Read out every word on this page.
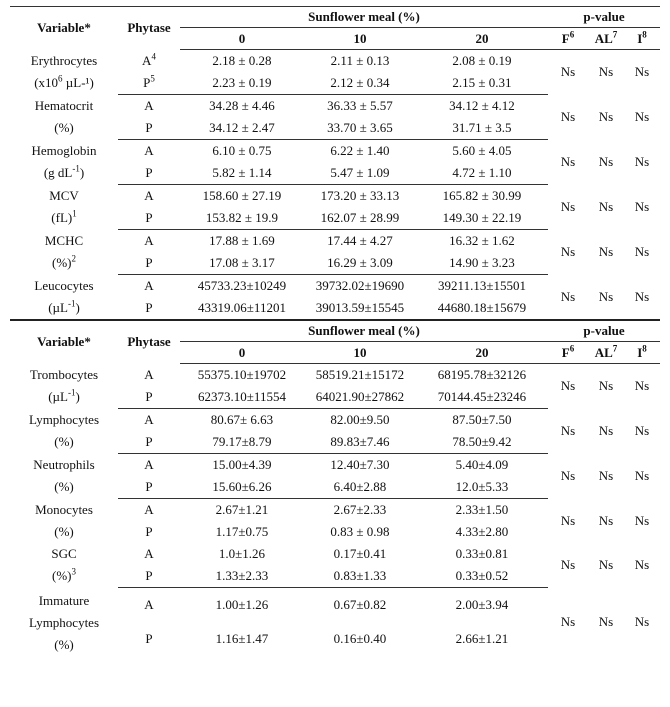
Variable*	Phytase	Sunflower meal (%)			p-value		
		0	10	20	$F^6$	$AL^7$	$I^8$
Erythrocytes
($x10^6$ µL-¹)	$A^4$	2.18 ± 0.28	2.11 ± 0.13	2.08 ± 0.19	Ns	Ns	Ns
	$P^5$	2.23 ± 0.19	2.12 ± 0.34	2.15 ± 0.31			
Hematocrit
(%)	A	34.28 ± 4.46	36.33 ± 5.57	34.12 ± 4.12	Ns	Ns	Ns
	P	34.12 ± 2.47	33.70 ± 3.65	31.71 ± 3.5			
Hemoglobin
(g $dL^{-1}$)	A	6.10 ± 0.75	6.22 ± 1.40	5.60 ± 4.05	Ns	Ns	Ns
	P	5.82 ± 1.14	5.47 ± 1.09	4.72 ± 1.10			
MCV
(fL)$^1$	A	158.60 ± 27.19	173.20 ± 33.13	165.82 ± 30.99	Ns	Ns	Ns
	P	153.82 ± 19.9	162.07 ± 28.99	149.30 ± 22.19			
MCHC
(%)$^2$	A	17.88 ± 1.69	17.44 ± 4.27	16.32 ± 1.62	Ns	Ns	Ns
	P	17.08 ± 3.17	16.29 ± 3.09	14.90 ± 3.23			
Leucocytes
(µL$^{-1}$)	A	45733.23±10249	39732.02±19690	39211.13±15501	Ns	Ns	Ns
	P	43319.06±11201	39013.59±15545	44680.18±15679			
Variable*	Phytase	Sunflower meal (%)			p-value		
		0	10	20	$F^6$	$AL^7$	$I^8$
Trombocytes
(µL$^{-1}$)	A	55375.10±19702	58519.21±15172	68195.78±32126	Ns	Ns	Ns
	P	62373.10±11554	64021.90±27862	70144.45±23246			
Lymphocytes
(%)	A	80.67± 6.63	82.00±9.50	87.50±7.50	Ns	Ns	Ns
	P	79.17±8.79	89.83±7.46	78.50±9.42			
Neutrophils
(%)	A	15.00±4.39	12.40±7.30	5.40±4.09	Ns	Ns	Ns
	P	15.60±6.26	6.40±2.88	12.0±5.33			
Monocytes
(%)	A	2.67±1.21	2.67±2.33	2.33±1.50	Ns	Ns	Ns
	P	1.17±0.75	0.83 ± 0.98	4.33±2.80			
SGC
(%)$^3$	A	1.0±1.26	0.17±0.41	0.33±0.81	Ns	Ns	Ns
	P	1.33±2.33	0.83±1.33	0.33±0.52			
Immature
Lymphocytes
(%)	A	1.00±1.26	0.67±0.82	2.00±3.94	Ns	Ns	Ns
	P	1.16±1.47	0.16±0.40	2.66±1.21			
